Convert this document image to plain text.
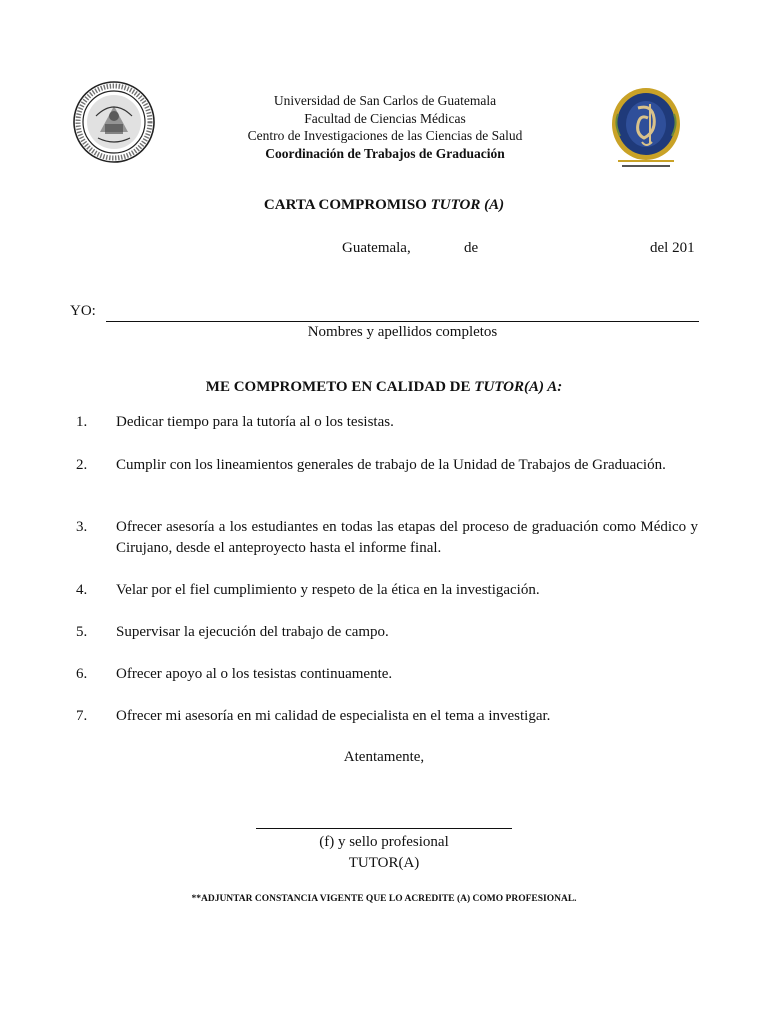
Universidad de San Carlos de Guatemala
Facultad de Ciencias Médicas
Centro de Investigaciones de las Ciencias de Salud
Coordinación de Trabajos de Graduación
CARTA COMPROMISO TUTOR (A)
Guatemala,	de	del 201
YO:
Nombres y apellidos completos
ME COMPROMETO EN CALIDAD DE TUTOR(A) A:
1.	Dedicar tiempo para la tutoría al o los tesistas.
2.	Cumplir con los lineamientos generales de trabajo de la Unidad de Trabajos de Graduación.
3.	Ofrecer asesoría a los estudiantes en todas las etapas del proceso de graduación como Médico y Cirujano, desde el anteproyecto hasta el informe final.
4.	Velar por el fiel cumplimiento y respeto de la ética en la investigación.
5.	Supervisar la ejecución del trabajo de campo.
6.	Ofrecer apoyo al o los tesistas continuamente.
7.	Ofrecer mi asesoría en mi calidad de especialista en el tema a investigar.
Atentamente,
(f) y sello profesional
TUTOR(A)
**ADJUNTAR CONSTANCIA VIGENTE QUE LO ACREDITE (A) COMO PROFESIONAL.
